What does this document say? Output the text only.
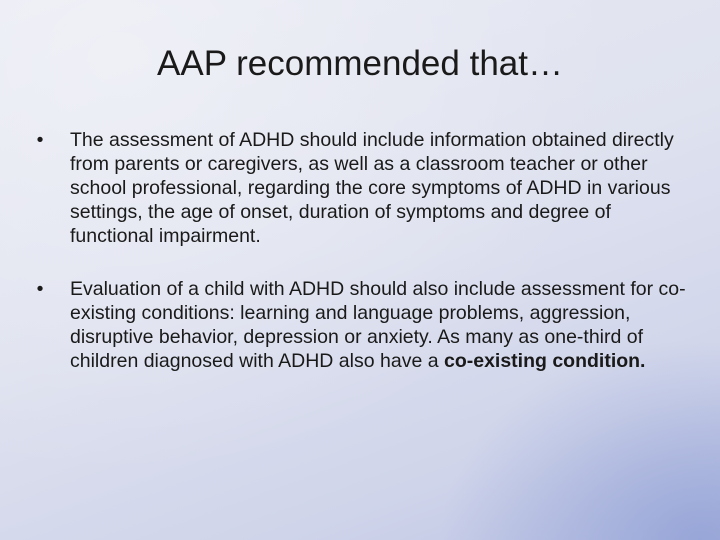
AAP recommended that…
•	The assessment of ADHD should include information obtained directly from parents or caregivers, as well as a classroom teacher or other school professional, regarding the core symptoms of ADHD in various settings, the age of onset, duration of symptoms and degree of functional impairment.
•	Evaluation of a child with ADHD should also include assessment for co-existing conditions: learning and language problems, aggression, disruptive behavior, depression or anxiety. As many as one-third of children diagnosed with ADHD also have a co-existing condition.
